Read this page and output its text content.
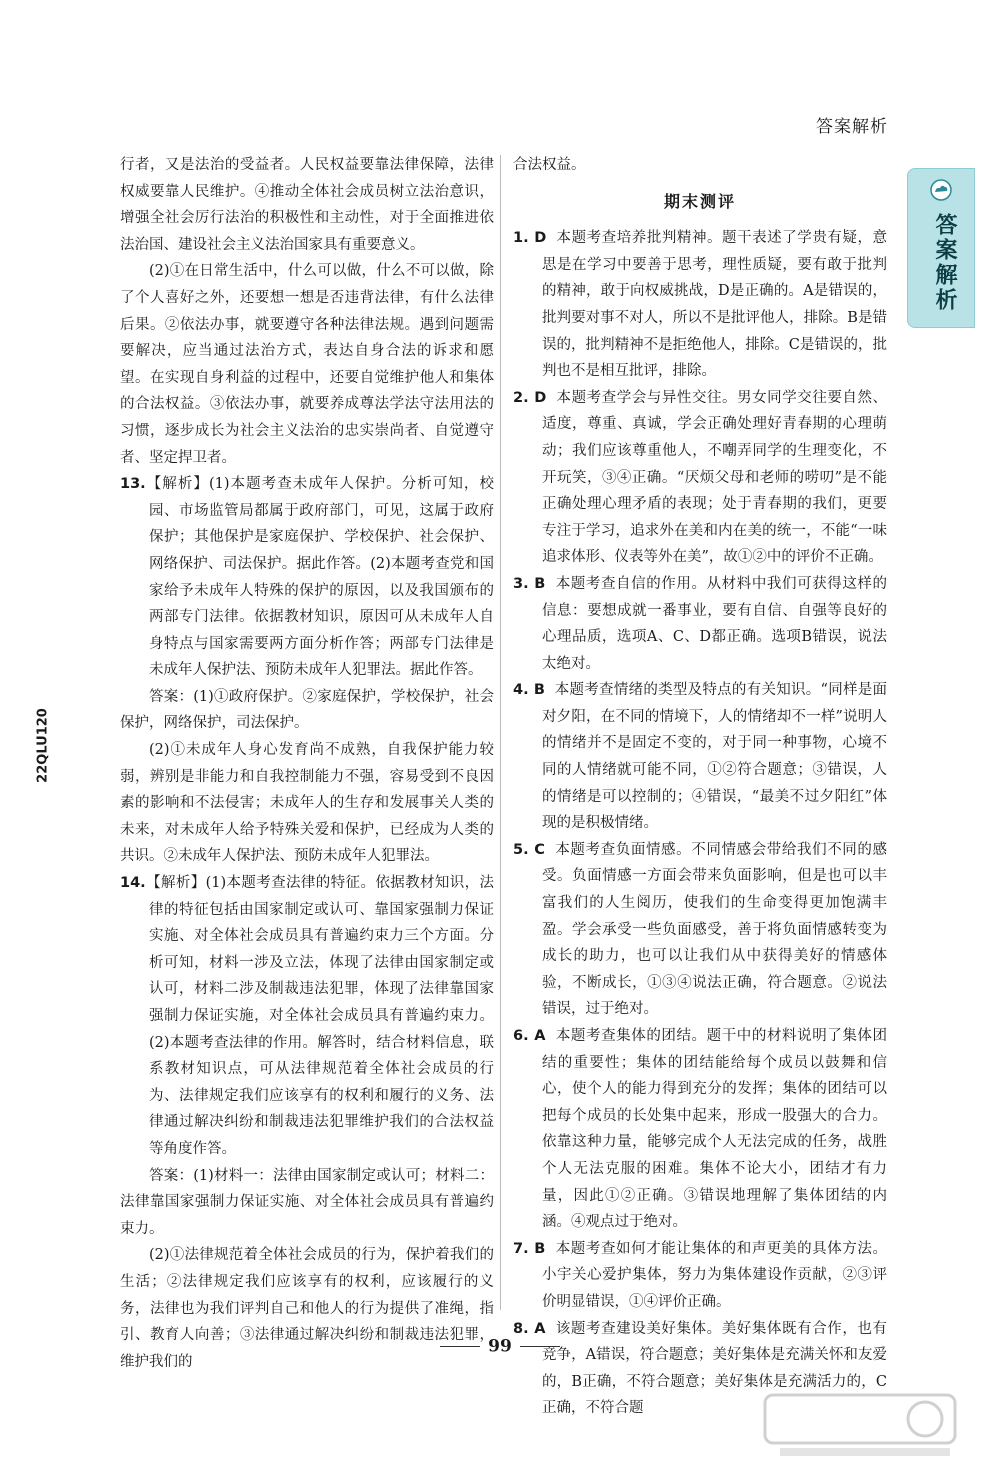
答案解析
22QLU120
答案解析

行者，又是法治的受益者。人民权益要靠法律保障，法律权威要靠人民维护。④推动全体社会成员树立法治意识，增强全社会厉行法治的积极性和主动性，对于全面推进依法治国、建设社会主义法治国家具有重要意义。

(2)①在日常生活中，什么可以做，什么不可以做，除了个人喜好之外，还要想一想是否违背法律，有什么法律后果。②依法办事，就要遵守各种法律法规。遇到问题需要解决，应当通过法治方式，表达自身合法的诉求和愿望。在实现自身利益的过程中，还要自觉维护他人和集体的合法权益。③依法办事，就要养成尊法学法守法用法的习惯，逐步成长为社会主义法治的忠实崇尚者、自觉遵守者、坚定捍卫者。

13.【解析】(1)本题考查未成年人保护。分析可知，校园、市场监管局都属于政府部门，可见，这属于政府保护；其他保护是家庭保护、学校保护、社会保护、网络保护、司法保护。据此作答。(2)本题考查党和国家给予未成年人特殊的保护的原因，以及我国颁布的两部专门法律。依据教材知识，原因可从未成年人自身特点与国家需要两方面分析作答；两部专门法律是未成年人保护法、预防未成年人犯罪法。据此作答。

答案：(1)①政府保护。②家庭保护，学校保护，社会保护，网络保护，司法保护。

(2)①未成年人身心发育尚不成熟，自我保护能力较弱，辨别是非能力和自我控制能力不强，容易受到不良因素的影响和不法侵害；未成年人的生存和发展事关人类的未来，对未成年人给予特殊关爱和保护，已经成为人类的共识。②未成年人保护法、预防未成年人犯罪法。

14.【解析】(1)本题考查法律的特征。依据教材知识，法律的特征包括由国家制定或认可、靠国家强制力保证实施、对全体社会成员具有普遍约束力三个方面。分析可知，材料一涉及立法，体现了法律由国家制定或认可，材料二涉及制裁违法犯罪，体现了法律靠国家强制力保证实施，对全体社会成员具有普遍约束力。(2)本题考查法律的作用。解答时，结合材料信息，联系教材知识点，可从法律规范着全体社会成员的行为、法律规定我们应该享有的权利和履行的义务、法律通过解决纠纷和制裁违法犯罪维护我们的合法权益等角度作答。

答案：(1)材料一：法律由国家制定或认可；材料二：法律靠国家强制力保证实施、对全体社会成员具有普遍约束力。

(2)①法律规范着全体社会成员的行为，保护着我们的生活；②法律规定我们应该享有的权利，应该履行的义务，法律也为我们评判自己和他人的行为提供了准绳，指引、教育人向善；③法律通过解决纠纷和制裁违法犯罪，维护我们的

合法权益。

期末测评

1. D 本题考查培养批判精神。题干表述了学贵有疑，意思是在学习中要善于思考，理性质疑，要有敢于批判的精神，敢于向权威挑战，D是正确的。A是错误的，批判要对事不对人，所以不是批评他人，排除。B是错误的，批判精神不是拒绝他人，排除。C是错误的，批判也不是相互批评，排除。

2. D 本题考查学会与异性交往。男女同学交往要自然、适度，尊重、真诚，学会正确处理好青春期的心理萌动；我们应该尊重他人，不嘲弄同学的生理变化，不开玩笑，③④正确。“厌烦父母和老师的唠叨”是不能正确处理心理矛盾的表现；处于青春期的我们，更要专注于学习，追求外在美和内在美的统一，不能“一味追求体形、仪表等外在美”，故①②中的评价不正确。

3. B 本题考查自信的作用。从材料中我们可获得这样的信息：要想成就一番事业，要有自信、自强等良好的心理品质，选项A、C、D都正确。选项B错误，说法太绝对。

4. B 本题考查情绪的类型及特点的有关知识。“同样是面对夕阳，在不同的情境下，人的情绪却不一样”说明人的情绪并不是固定不变的，对于同一种事物，心境不同的人情绪就可能不同，①②符合题意；③错误，人的情绪是可以控制的；④错误，“最美不过夕阳红”体现的是积极情绪。

5. C 本题考查负面情感。不同情感会带给我们不同的感受。负面情感一方面会带来负面影响，但是也可以丰富我们的人生阅历，使我们的生命变得更加饱满丰盈。学会承受一些负面感受，善于将负面情感转变为成长的助力，也可以让我们从中获得美好的情感体验，不断成长，①③④说法正确，符合题意。②说法错误，过于绝对。

6. A 本题考查集体的团结。题干中的材料说明了集体团结的重要性；集体的团结能给每个成员以鼓舞和信心，使个人的能力得到充分的发挥；集体的团结可以把每个成员的长处集中起来，形成一股强大的合力。依靠这种力量，能够完成个人无法完成的任务，战胜个人无法克服的困难。集体不论大小，团结才有力量，因此①②正确。③错误地理解了集体团结的内涵。④观点过于绝对。

7. B 本题考查如何才能让集体的和声更美的具体方法。小宇关心爱护集体，努力为集体建设作贡献，②③评价明显错误，①④评价正确。

8. A 该题考查建设美好集体。美好集体既有合作，也有竞争，A错误，符合题意；美好集体是充满关怀和友爱的，B正确，不符合题意；美好集体是充满活力的，C正确，不符合题

99
